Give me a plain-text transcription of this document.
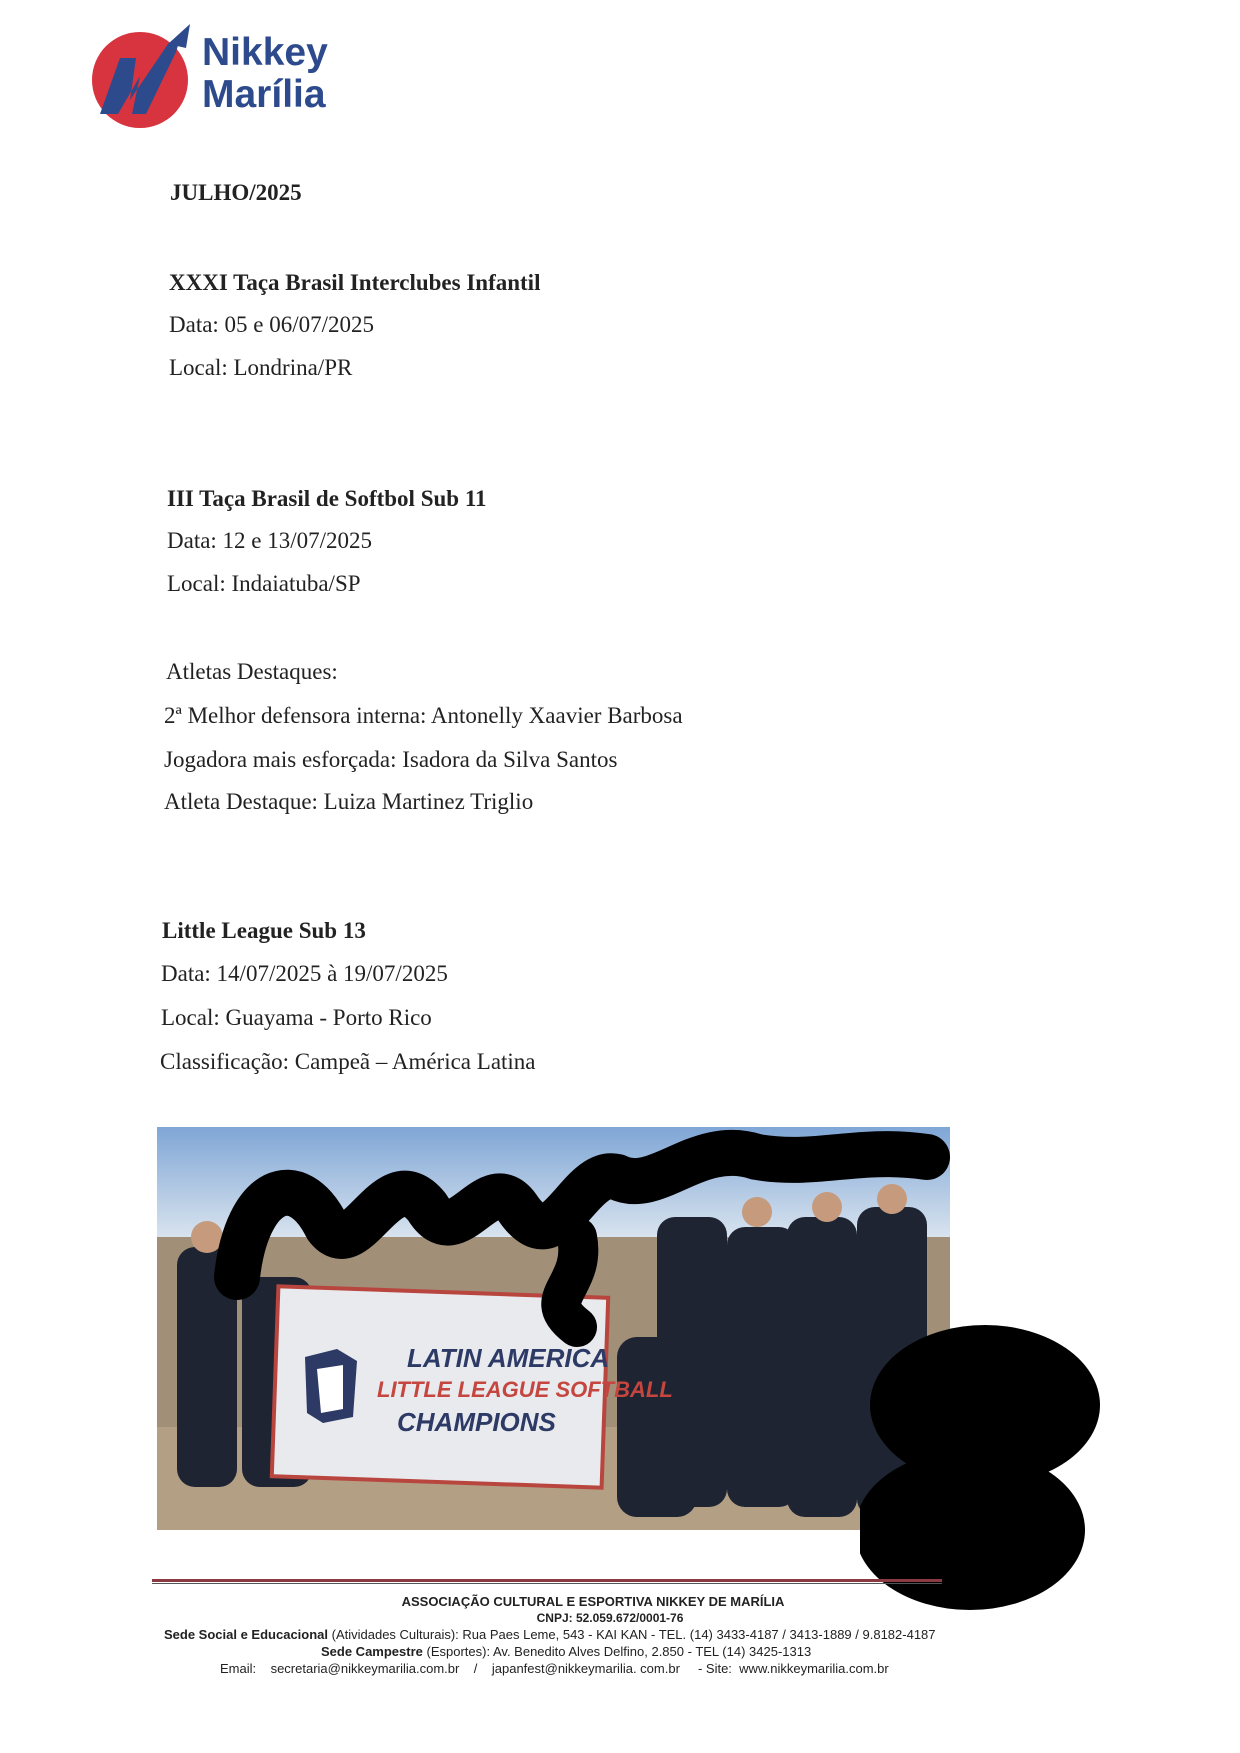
Nikkey
Marília
JULHO/2025
XXXI Taça Brasil Interclubes Infantil
Data: 05 e 06/07/2025
Local: Londrina/PR
III Taça Brasil de Softbol Sub 11
Data: 12 e 13/07/2025
Local: Indaiatuba/SP
Atletas Destaques:
2ª Melhor defensora interna: Antonelly Xaavier Barbosa
Jogadora mais esforçada: Isadora da Silva Santos
Atleta Destaque: Luiza Martinez Triglio
Little League Sub 13
Data: 14/07/2025 à 19/07/2025
Local: Guayama - Porto Rico
Classificação: Campeã – América Latina
LATIN AMERICA
LITTLE LEAGUE SOFTBALL
CHAMPIONS
ASSOCIAÇÃO CULTURAL E ESPORTIVA NIKKEY DE MARÍLIA
CNPJ: 52.059.672/0001-76
Sede Social e Educacional (Atividades Culturais): Rua Paes Leme, 543 - KAI KAN - TEL. (14) 3433-4187 / 3413-1889 / 9.8182-4187
Sede Campestre (Esportes): Av. Benedito Alves Delfino, 2.850 - TEL (14) 3425-1313
Email: secretaria@nikkeymarilia.com.br / japanfest@nikkeymarilia. com.br - Site: www.nikkeymarilia.com.br
